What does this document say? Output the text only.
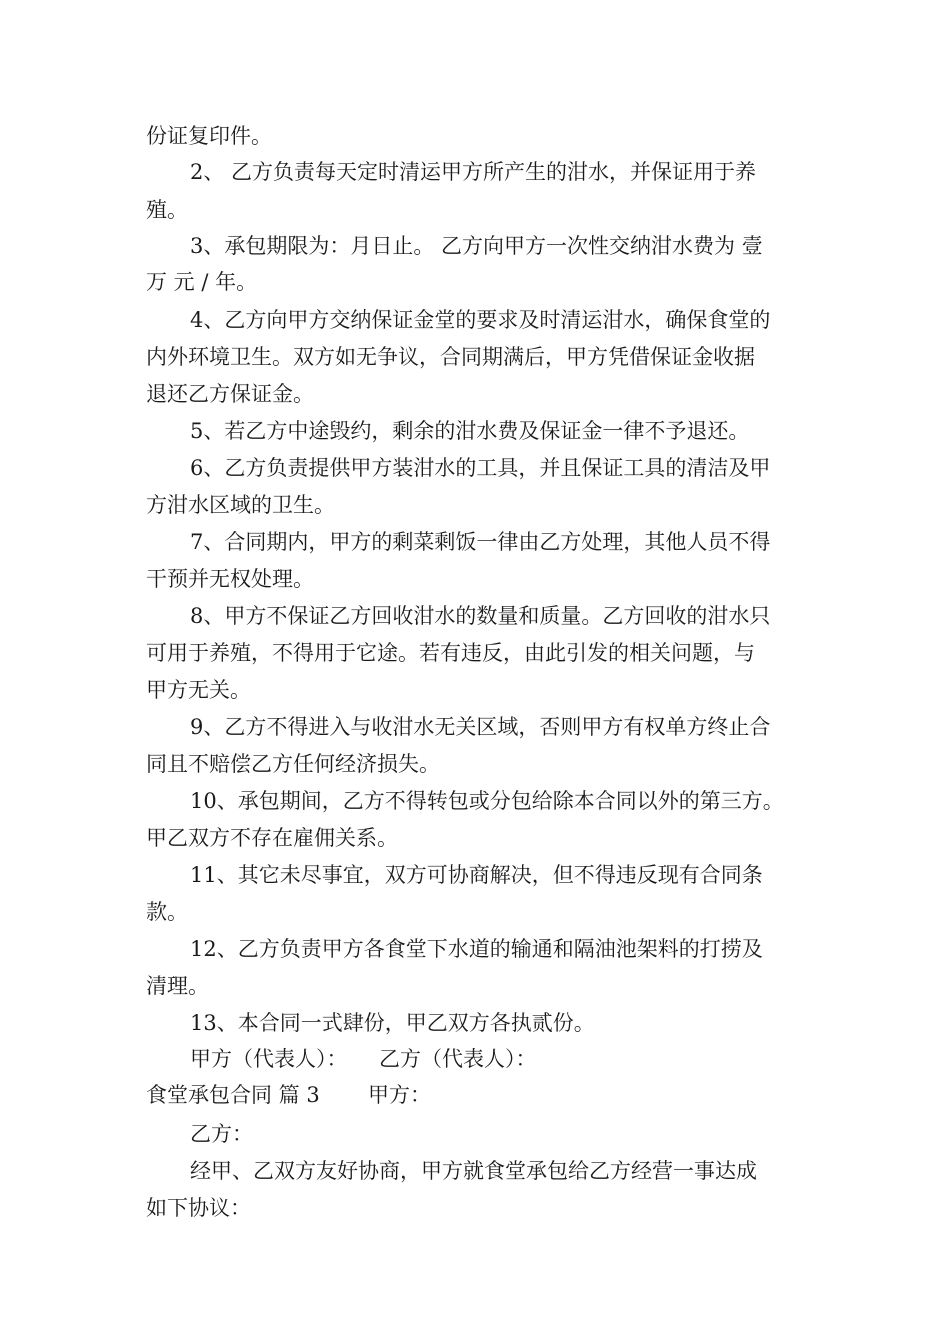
份证复印件。
2、 乙方负责每天定时清运甲方所产生的泔水，并保证用于养
殖。
3、承包期限为：月日止。 乙方向甲方一次性交纳泔水费为 壹
万 元 / 年。
4、乙方向甲方交纳保证金堂的要求及时清运泔水，确保食堂的
内外环境卫生。双方如无争议，合同期满后，甲方凭借保证金收据
退还乙方保证金。
5、若乙方中途毁约，剩余的泔水费及保证金一律不予退还。
6、乙方负责提供甲方装泔水的工具，并且保证工具的清洁及甲
方泔水区域的卫生。
7、合同期内，甲方的剩菜剩饭一律由乙方处理，其他人员不得
干预并无权处理。
8、甲方不保证乙方回收泔水的数量和质量。乙方回收的泔水只
可用于养殖，不得用于它途。若有违反，由此引发的相关问题，与
甲方无关。
9、乙方不得进入与收泔水无关区域，否则甲方有权单方终止合
同且不赔偿乙方任何经济损失。
10、承包期间，乙方不得转包或分包给除本合同以外的第三方。
甲乙双方不存在雇佣关系。
11、其它未尽事宜，双方可协商解决，但不得违反现有合同条
款。
12、乙方负责甲方各食堂下水道的输通和隔油池架料的打捞及
清理。
13、本合同一式肆份，甲乙双方各执贰份。
甲方（代表人）： 乙方（代表人）：
食堂承包合同 篇 3 甲方：
乙方：
经甲、乙双方友好协商，甲方就食堂承包给乙方经营一事达成
如下协议：
